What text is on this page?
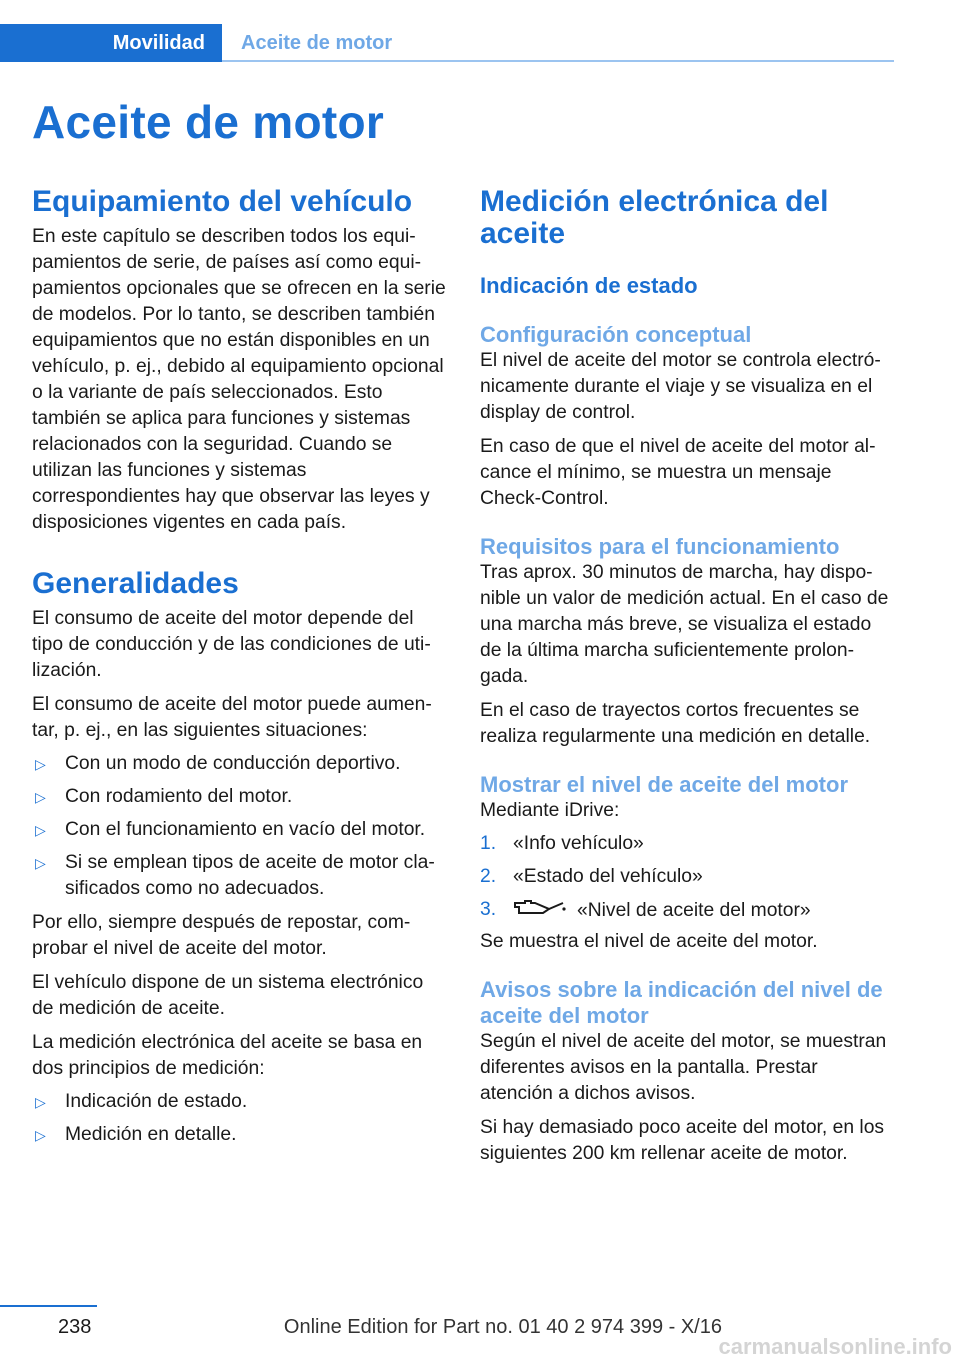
Movilidad	Aceite de motor
Aceite de motor
Equipamiento del vehículo

En este capítulo se describen todos los equipamientos de serie, de países así como equipamientos opcionales que se ofrecen en la serie de modelos. Por lo tanto, se describen también equipamientos que no están disponibles en un vehículo, p. ej., debido al equipamiento opcional o la variante de país seleccionados. Esto también se aplica para funciones y sistemas relacionados con la seguridad. Cuando se utilizan las funciones y sistemas correspondientes hay que observar las leyes y disposiciones vigentes en cada país.

Generalidades

El consumo de aceite del motor depende del tipo de conducción y de las condiciones de utilización.

El consumo de aceite del motor puede aumentar, p. ej., en las siguientes situaciones:

▷ Con un modo de conducción deportivo.
▷ Con rodamiento del motor.
▷ Con el funcionamiento en vacío del motor.
▷ Si se emplean tipos de aceite de motor clasificados como no adecuados.

Por ello, siempre después de repostar, comprobar el nivel de aceite del motor.

El vehículo dispone de un sistema electrónico de medición de aceite.

La medición electrónica del aceite se basa en dos principios de medición:

▷ Indicación de estado.
▷ Medición en detalle.
Medición electrónica del aceite
Indicación de estado
Configuración conceptual

El nivel de aceite del motor se controla electrónicamente durante el viaje y se visualiza en el display de control.

En caso de que el nivel de aceite del motor alcance el mínimo, se muestra un mensaje Check-Control.

Requisitos para el funcionamiento

Tras aprox. 30 minutos de marcha, hay disponible un valor de medición actual. En el caso de una marcha más breve, se visualiza el estado de la última marcha suficientemente prolongada.

En el caso de trayectos cortos frecuentes se realiza regularmente una medición en detalle.

Mostrar el nivel de aceite del motor

Mediante iDrive:

1. «Info vehículo»
2. «Estado del vehículo»
3.	«Nivel de aceite del motor»

Se muestra el nivel de aceite del motor.

Avisos sobre la indicación del nivel de aceite del motor

Según el nivel de aceite del motor, se muestran diferentes avisos en la pantalla. Prestar atención a dichos avisos.

Si hay demasiado poco aceite del motor, en los siguientes 200 km rellenar aceite de motor.

238	Online Edition for Part no. 01 40 2 974 399 - X/16
carmanualsonline.info
